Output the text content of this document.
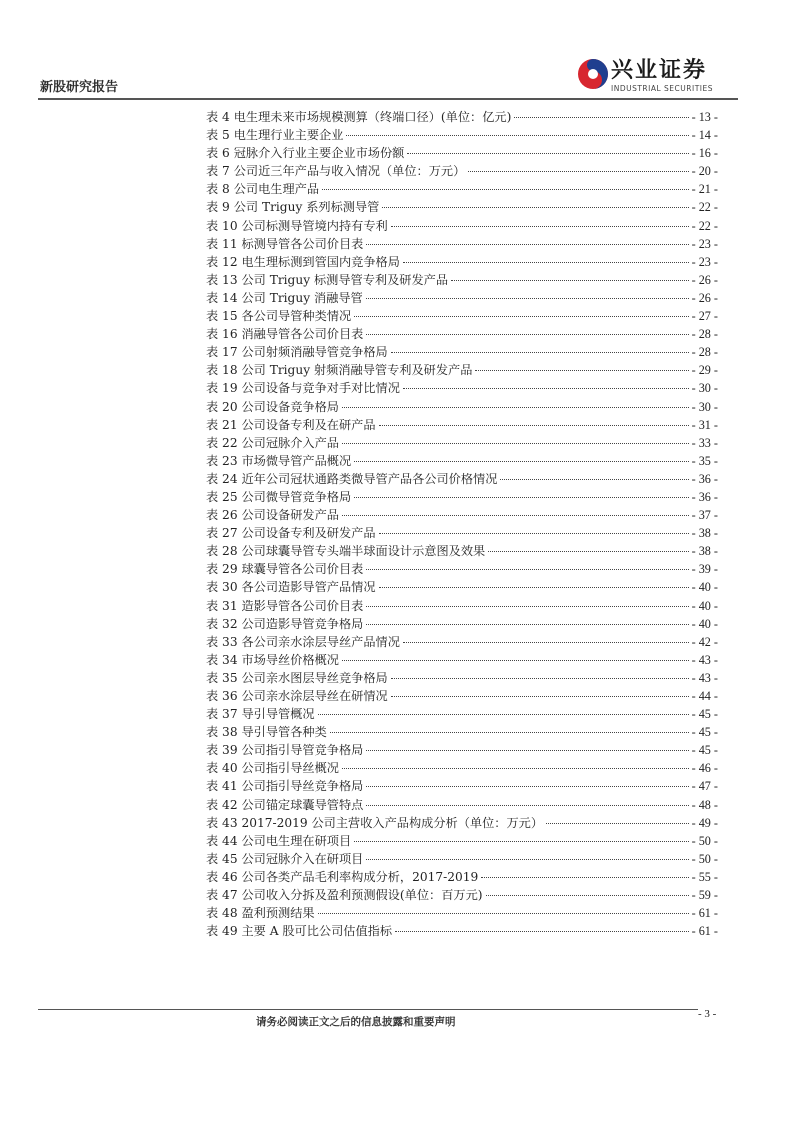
新股研究报告
兴业证券
INDUSTRIAL SECURITIES
表 4 电生理未来市场规模测算（终端口径）(单位：亿元)	- 13 -
表 5 电生理行业主要企业	- 14 -
表 6 冠脉介入行业主要企业市场份额	- 16 -
表 7 公司近三年产品与收入情况（单位：万元）	- 20 -
表 8 公司电生理产品	- 21 -
表 9 公司 Triguy 系列标测导管	- 22 -
表 10 公司标测导管境内持有专利	- 22 -
表 11 标测导管各公司价目表	- 23 -
表 12 电生理标测到管国内竞争格局	- 23 -
表 13 公司 Triguy 标测导管专利及研发产品	- 26 -
表 14 公司 Triguy 消融导管	- 26 -
表 15 各公司导管种类情况	- 27 -
表 16 消融导管各公司价目表	- 28 -
表 17 公司射频消融导管竞争格局	- 28 -
表 18 公司 Triguy 射频消融导管专利及研发产品	- 29 -
表 19 公司设备与竞争对手对比情况	- 30 -
表 20 公司设备竞争格局	- 30 -
表 21 公司设备专利及在研产品	- 31 -
表 22 公司冠脉介入产品	- 33 -
表 23 市场微导管产品概况	- 35 -
表 24 近年公司冠状通路类微导管产品各公司价格情况	- 36 -
表 25 公司微导管竞争格局	- 36 -
表 26 公司设备研发产品	- 37 -
表 27 公司设备专利及研发产品	- 38 -
表 28 公司球囊导管专头端半球面设计示意图及效果	- 38 -
表 29 球囊导管各公司价目表	- 39 -
表 30 各公司造影导管产品情况	- 40 -
表 31 造影导管各公司价目表	- 40 -
表 32 公司造影导管竞争格局	- 40 -
表 33 各公司亲水涂层导丝产品情况	- 42 -
表 34 市场导丝价格概况	- 43 -
表 35 公司亲水图层导丝竞争格局	- 43 -
表 36 公司亲水涂层导丝在研情况	- 44 -
表 37 导引导管概况	- 45 -
表 38 导引导管各种类	- 45 -
表 39 公司指引导管竞争格局	- 45 -
表 40 公司指引导丝概况	- 46 -
表 41 公司指引导丝竞争格局	- 47 -
表 42 公司锚定球囊导管特点	- 48 -
表 43 2017-2019 公司主营收入产品构成分析（单位：万元）	- 49 -
表 44 公司电生理在研项目	- 50 -
表 45 公司冠脉介入在研项目	- 50 -
表 46 公司各类产品毛利率构成分析，2017-2019	- 55 -
表 47 公司收入分拆及盈利预测假设(单位：百万元)	- 59 -
表 48 盈利预测结果	- 61 -
表 49 主要 A 股可比公司估值指标	- 61 -
请务必阅读正文之后的信息披露和重要声明
- 3 -
